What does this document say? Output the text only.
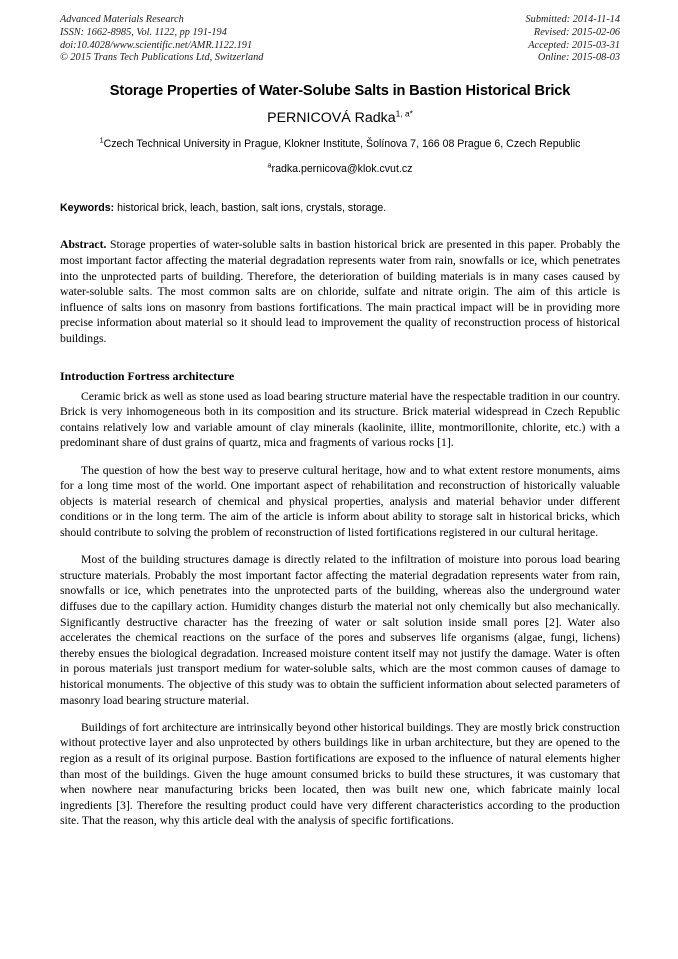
Advanced Materials Research
ISSN: 1662-8985, Vol. 1122, pp 191-194
doi:10.4028/www.scientific.net/AMR.1122.191
© 2015 Trans Tech Publications Ltd, Switzerland
Submitted: 2014-11-14
Revised: 2015-02-06
Accepted: 2015-03-31
Online: 2015-08-03
Storage Properties of Water-Solube Salts in Bastion Historical Brick
PERNICOVÁ Radka$^{1, a*}$
$^1$Czech Technical University in Prague, Klokner Institute, Šolínova 7, 166 08 Prague 6, Czech Republic
$^a$radka.pernicova@klok.cvut.cz
Keywords: historical brick, leach, bastion, salt ions, crystals, storage.
Abstract. Storage properties of water-soluble salts in bastion historical brick are presented in this paper. Probably the most important factor affecting the material degradation represents water from rain, snowfalls or ice, which penetrates into the unprotected parts of building. Therefore, the deterioration of building materials is in many cases caused by water-soluble salts. The most common salts are on chloride, sulfate and nitrate origin. The aim of this article is influence of salts ions on masonry from bastions fortifications. The main practical impact will be in providing more precise information about material so it should lead to improvement the quality of reconstruction process of historical buildings.
Introduction Fortress architecture

Ceramic brick as well as stone used as load bearing structure material have the respectable tradition in our country. Brick is very inhomogeneous both in its composition and its structure. Brick material widespread in Czech Republic contains relatively low and variable amount of clay minerals (kaolinite, illite, montmorillonite, chlorite, etc.) with a predominant share of dust grains of quartz, mica and fragments of various rocks [1].

The question of how the best way to preserve cultural heritage, how and to what extent restore monuments, aims for a long time most of the world. One important aspect of rehabilitation and reconstruction of historically valuable objects is material research of chemical and physical properties, analysis and material behavior under different conditions or in the long term. The aim of the article is inform about ability to storage salt in historical bricks, which should contribute to solving the problem of reconstruction of listed fortifications registered in our cultural heritage.

Most of the building structures damage is directly related to the infiltration of moisture into porous load bearing structure materials. Probably the most important factor affecting the material degradation represents water from rain, snowfalls or ice, which penetrates into the unprotected parts of the building, whereas also the underground water diffuses due to the capillary action. Humidity changes disturb the material not only chemically but also mechanically. Significantly destructive character has the freezing of water or salt solution inside small pores [2]. Water also accelerates the chemical reactions on the surface of the pores and subserves life organisms (algae, fungi, lichens) thereby ensues the biological degradation. Increased moisture content itself may not justify the damage. Water is often in porous materials just transport medium for water-soluble salts, which are the most common causes of damage to historical monuments. The objective of this study was to obtain the sufficient information about selected parameters of masonry load bearing structure material.

Buildings of fort architecture are intrinsically beyond other historical buildings. They are mostly brick construction without protective layer and also unprotected by others buildings like in urban architecture, but they are opened to the region as a result of its original purpose. Bastion fortifications are exposed to the influence of natural elements higher than most of the buildings. Given the huge amount consumed bricks to build these structures, it was customary that when nowhere near manufacturing bricks been located, then was built new one, which fabricate mainly local ingredients [3]. Therefore the resulting product could have very different characteristics according to the production site. That the reason, why this article deal with the analysis of specific fortifications.
